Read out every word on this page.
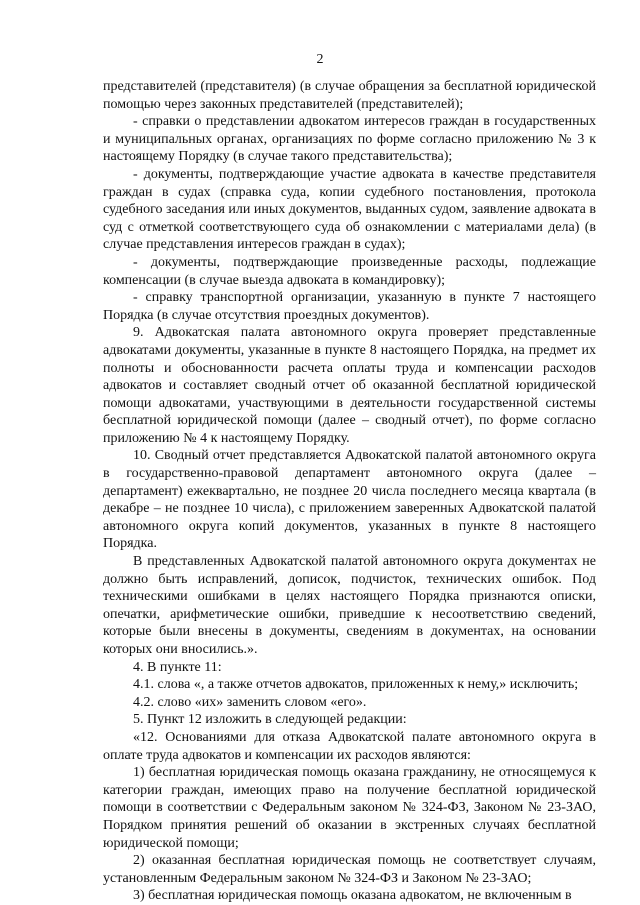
2

представителей (представителя) (в случае обращения за бесплатной юридической помощью через законных представителей (представителей);

- справки о представлении адвокатом интересов граждан в государственных и муниципальных органах, организациях по форме согласно приложению № 3 к настоящему Порядку (в случае такого представительства);

- документы, подтверждающие участие адвоката в качестве представителя граждан в судах (справка суда, копии судебного постановления, протокола судебного заседания или иных документов, выданных судом, заявление адвоката в суд с отметкой соответствующего суда об ознакомлении с материалами дела) (в случае представления интересов граждан в судах);

- документы, подтверждающие произведенные расходы, подлежащие компенсации (в случае выезда адвоката в командировку);

- справку транспортной организации, указанную в пункте 7 настоящего Порядка (в случае отсутствия проездных документов).

9. Адвокатская палата автономного округа проверяет представленные адвокатами документы, указанные в пункте 8 настоящего Порядка, на предмет их полноты и обоснованности расчета оплаты труда и компенсации расходов адвокатов и составляет сводный отчет об оказанной бесплатной юридической помощи адвокатами, участвующими в деятельности государственной системы бесплатной юридической помощи (далее – сводный отчет), по форме согласно приложению № 4 к настоящему Порядку.

10. Сводный отчет представляется Адвокатской палатой автономного округа в государственно-правовой департамент автономного округа (далее – департамент) ежеквартально, не позднее 20 числа последнего месяца квартала (в декабре – не позднее 10 числа), с приложением заверенных Адвокатской палатой автономного округа копий документов, указанных в пункте 8 настоящего Порядка.

В представленных Адвокатской палатой автономного округа документах не должно быть исправлений, дописок, подчисток, технических ошибок. Под техническими ошибками в целях настоящего Порядка признаются описки, опечатки, арифметические ошибки, приведшие к несоответствию сведений, которые были внесены в документы, сведениям в документах, на основании которых они вносились.».

4. В пункте 11:

4.1. слова «, а также отчетов адвокатов, приложенных к нему,» исключить;

4.2. слово «их» заменить словом «его».

5. Пункт 12 изложить в следующей редакции:

«12. Основаниями для отказа Адвокатской палате автономного округа в оплате труда адвокатов и компенсации их расходов являются:

1) бесплатная юридическая помощь оказана гражданину, не относящемуся к категории граждан, имеющих право на получение бесплатной юридической помощи в соответствии с Федеральным законом № 324-ФЗ, Законом № 23-ЗАО, Порядком принятия решений об оказании в экстренных случаях бесплатной юридической помощи;

2) оказанная бесплатная юридическая помощь не соответствует случаям, установленным Федеральным законом № 324-ФЗ и Законом № 23-ЗАО;

3) бесплатная юридическая помощь оказана адвокатом, не включенным в
